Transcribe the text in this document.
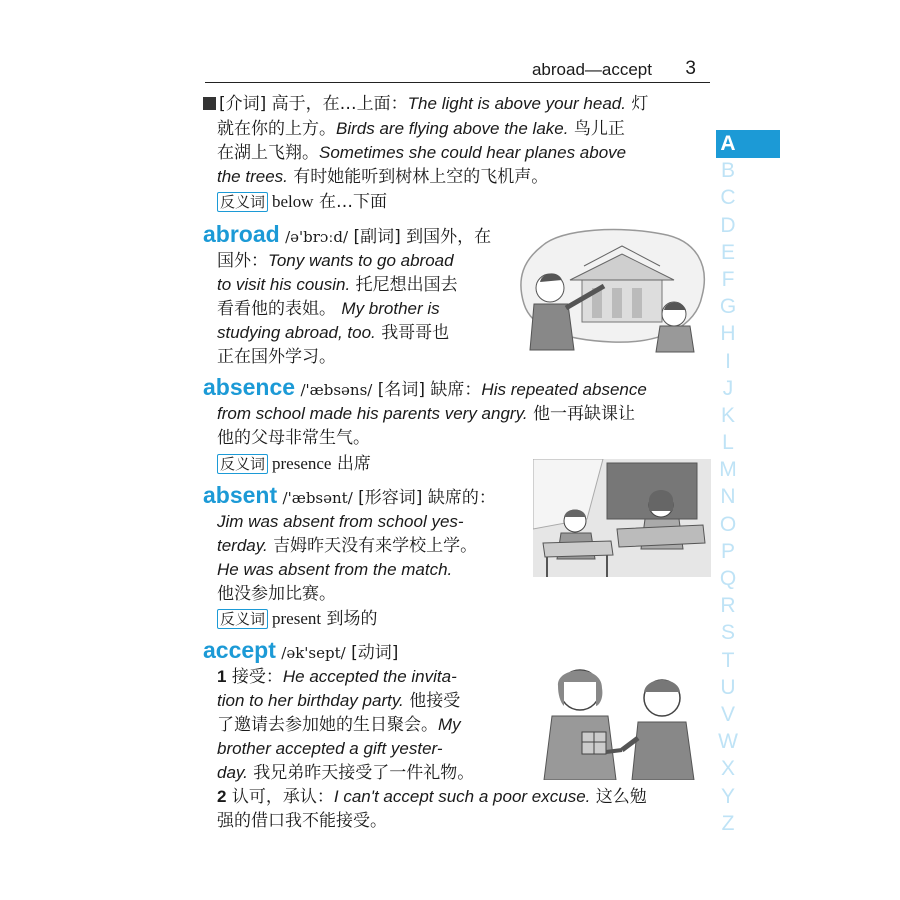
abroad—accept 3
[介词] 高于，在…上面：The light is above your head. 灯
就在你的上方。Birds are flying above the lake. 鸟儿正
在湖上飞翔。Sometimes she could hear planes above
the trees. 有时她能听到树林上空的飞机声。
反义词 below 在…下面
abroad /ə'brɔːd/ [副词] 到国外，在
国外：Tony wants to go abroad
to visit his cousin. 托尼想出国去
看看他的表姐。 My brother is
studying abroad, too. 我哥哥也
正在国外学习。
absence /'æbsəns/ [名词] 缺席：His repeated absence
from school made his parents very angry. 他一再缺课让
他的父母非常生气。
反义词 presence 出席
absent /'æbsənt/ [形容词] 缺席的：
Jim was absent from school yes-
terday. 吉姆昨天没有来学校上学。
He was absent from the match.
他没参加比赛。
反义词 present 到场的
accept /ək'sept/ [动词]
1 接受：He accepted the invita-
tion to her birthday party. 他接受
了邀请去参加她的生日聚会。My
brother accepted a gift yester-
day. 我兄弟昨天接受了一件礼物。
2 认可，承认：I can't accept such a poor excuse. 这么勉
强的借口我不能接受。
A
B
C
D
E
F
G
H
I
J
K
L
M
N
O
P
Q
R
S
T
U
V
W
X
Y
Z
